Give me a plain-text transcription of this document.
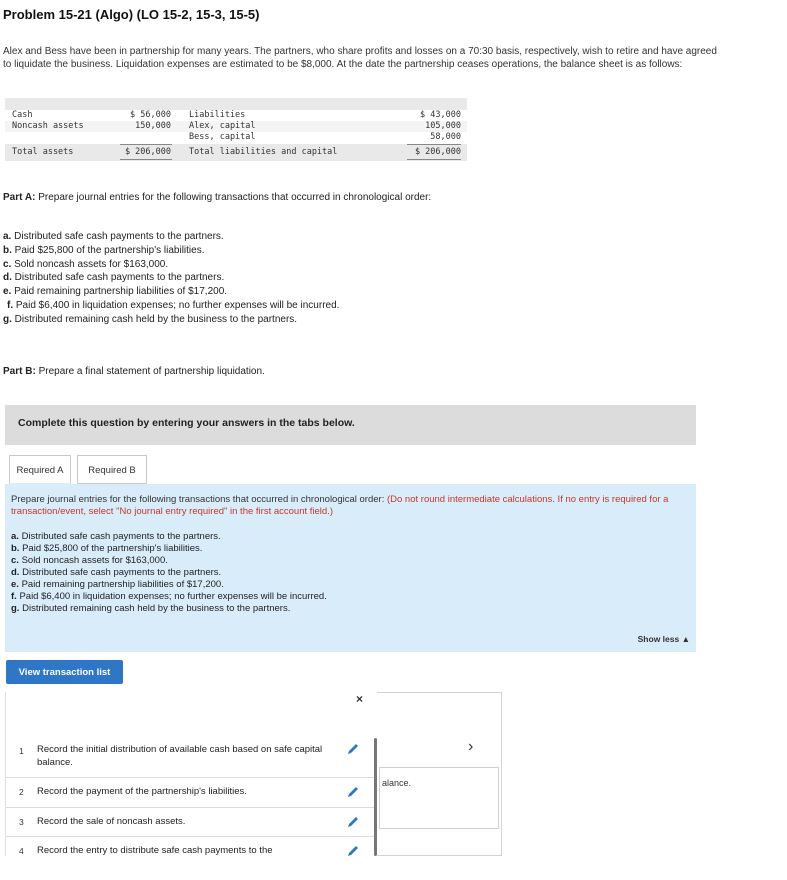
Problem 15-21 (Algo) (LO 15-2, 15-3, 15-5)
Alex and Bess have been in partnership for many years. The partners, who share profits and losses on a 70:30 basis, respectively, wish to retire and have agreed to liquidate the business. Liquidation expenses are estimated to be $8,000. At the date the partnership ceases operations, the balance sheet is as follows:
Cash
Noncash assets
Total assets
$ 56,000
150,000
$ 206,000
Liabilities
Alex, capital
Bess, capital
Total liabilities and capital
$ 43,000
105,000
58,000
$ 206,000
Part A: Prepare journal entries for the following transactions that occurred in chronological order:
a. Distributed safe cash payments to the partners.
b. Paid $25,800 of the partnership's liabilities.
c. Sold noncash assets for $163,000.
d. Distributed safe cash payments to the partners.
e. Paid remaining partnership liabilities of $17,200.
f. Paid $6,400 in liquidation expenses; no further expenses will be incurred.
g. Distributed remaining cash held by the business to the partners.
Part B: Prepare a final statement of partnership liquidation.
Complete this question by entering your answers in the tabs below.
Required A	Required B
Prepare journal entries for the following transactions that occurred in chronological order: (Do not round intermediate calculations. If no entry is required for a transaction/event, select "No journal entry required" in the first account field.)
a. Distributed safe cash payments to the partners.
b. Paid $25,800 of the partnership's liabilities.
c. Sold noncash assets for $163,000.
d. Distributed safe cash payments to the partners.
e. Paid remaining partnership liabilities of $17,200.
f. Paid $6,400 in liquidation expenses; no further expenses will be incurred.
g. Distributed remaining cash held by the business to the partners.
Show less ▲
View transaction list
alance.
›
×
1 Record the initial distribution of available cash based on safe capital balance.
2 Record the payment of the partnership's liabilities.
3 Record the sale of noncash assets.
4 Record the entry to distribute safe cash payments to the
